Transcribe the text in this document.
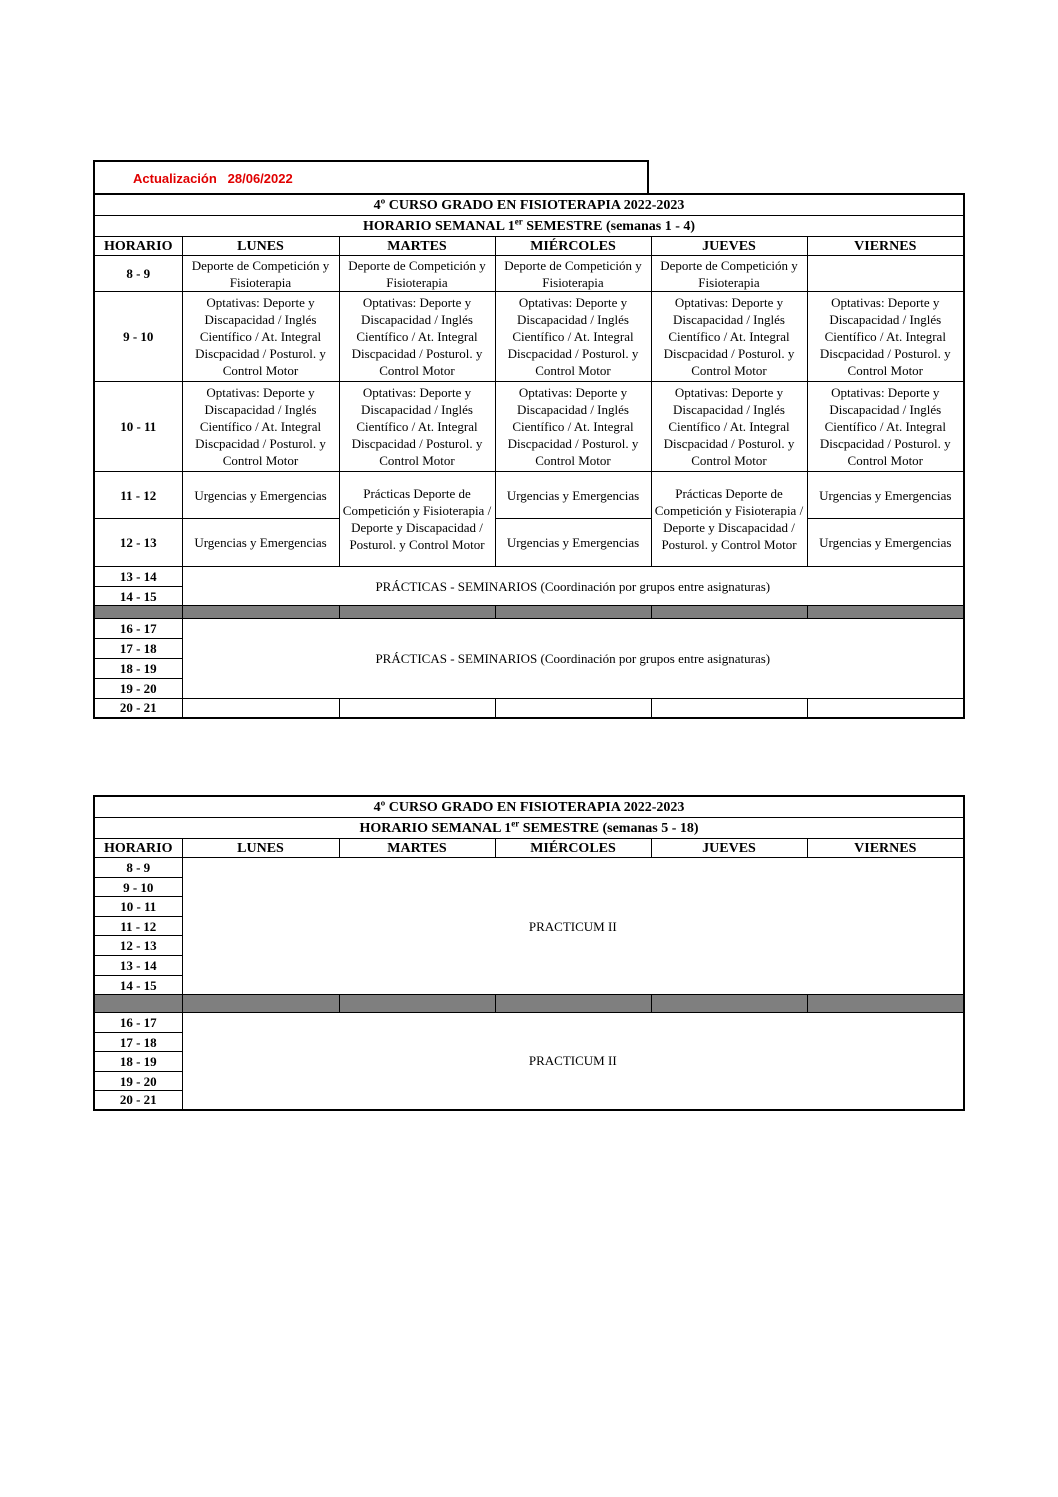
Actualización 28/06/2022
4º CURSO GRADO EN FISIOTERAPIA 2022-2023					
HORARIO SEMANAL 1er SEMESTRE (semanas 1 - 4)					
HORARIO	LUNES	MARTES	MIÉRCOLES	JUEVES	VIERNES
8 - 9	Deporte de Competición y Fisioterapia	Deporte de Competición y Fisioterapia	Deporte de Competición y Fisioterapia	Deporte de Competición y Fisioterapia	
9 - 10	Optativas: Deporte y Discapacidad / Inglés Científico / At. Integral Discpacidad / Posturol. y Control Motor	Optativas: Deporte y Discapacidad / Inglés Científico / At. Integral Discpacidad / Posturol. y Control Motor	Optativas: Deporte y Discapacidad / Inglés Científico / At. Integral Discpacidad / Posturol. y Control Motor	Optativas: Deporte y Discapacidad / Inglés Científico / At. Integral Discpacidad / Posturol. y Control Motor	Optativas: Deporte y Discapacidad / Inglés Científico / At. Integral Discpacidad / Posturol. y Control Motor
10 - 11	Optativas: Deporte y Discapacidad / Inglés Científico / At. Integral Discpacidad / Posturol. y Control Motor	Optativas: Deporte y Discapacidad / Inglés Científico / At. Integral Discpacidad / Posturol. y Control Motor	Optativas: Deporte y Discapacidad / Inglés Científico / At. Integral Discpacidad / Posturol. y Control Motor	Optativas: Deporte y Discapacidad / Inglés Científico / At. Integral Discpacidad / Posturol. y Control Motor	Optativas: Deporte y Discapacidad / Inglés Científico / At. Integral Discpacidad / Posturol. y Control Motor
11 - 12	Urgencias y Emergencias	Prácticas Deporte de Competición y Fisioterapia / Deporte y Discapacidad / Posturol. y Control Motor	Urgencias y Emergencias	Prácticas Deporte de Competición y Fisioterapia / Deporte y Discapacidad / Posturol. y Control Motor	Urgencias y Emergencias
12 - 13	Urgencias y Emergencias		Urgencias y Emergencias		Urgencias y Emergencias
13 - 14	PRÁCTICAS - SEMINARIOS (Coordinación por grupos entre asignaturas)				
14 - 15					

16 - 17	PRÁCTICAS - SEMINARIOS (Coordinación por grupos entre asignaturas)				
17 - 18					
18 - 19					
19 - 20					
20 - 21					
4º CURSO GRADO EN FISIOTERAPIA 2022-2023					
HORARIO SEMANAL 1er SEMESTRE (semanas 5 - 18)					
HORARIO	LUNES	MARTES	MIÉRCOLES	JUEVES	VIERNES
8 - 9	PRACTICUM II				
9 - 10					
10 - 11					
11 - 12					
12 - 13					
13 - 14					
14 - 15					

16 - 17	PRACTICUM II				
17 - 18					
18 - 19					
19 - 20					
20 - 21					
